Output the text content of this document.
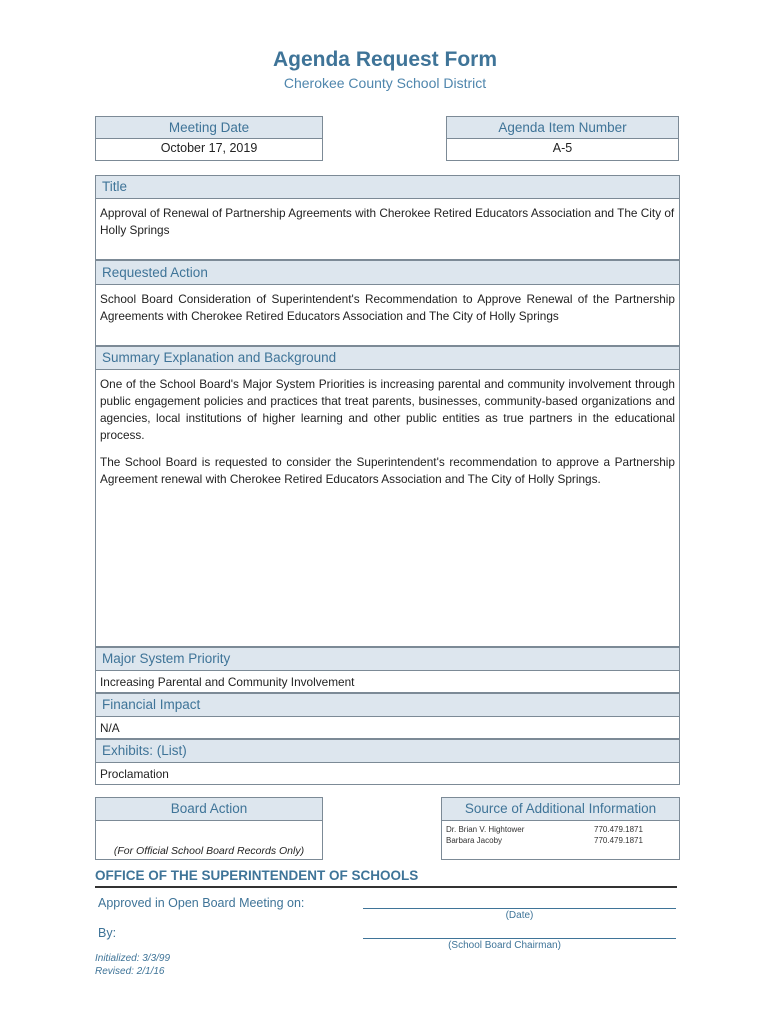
Agenda Request Form
Cherokee County School District
Meeting Date
October 17, 2019
Agenda Item Number
A-5
Title
Approval of Renewal of Partnership Agreements with Cherokee Retired Educators Association and The City of Holly Springs
Requested Action
School Board Consideration of Superintendent's Recommendation to Approve Renewal of the Partnership Agreements with Cherokee Retired Educators Association and The City of Holly Springs
Summary Explanation and Background

One of the School Board's Major System Priorities is increasing parental and community involvement through public engagement policies and practices that treat parents, businesses, community-based organizations and agencies, local institutions of higher learning and other public entities as true partners in the educational process.

The School Board is requested to consider the Superintendent's recommendation to approve a Partnership Agreement renewal with Cherokee Retired Educators Association and The City of Holly Springs.

Major System Priority
Increasing Parental and Community Involvement
Financial Impact
N/A
Exhibits: (List)
Proclamation
Board Action
(For Official School Board Records Only)
Source of Additional Information
Dr. Brian V. Hightower	770.479.1871
Barbara Jacoby	770.479.1871
OFFICE OF THE SUPERINTENDENT OF SCHOOLS
Approved in Open Board Meeting on:
(Date)
By:
(School Board Chairman)
Initialized: 3/3/99
Revised: 2/1/16
